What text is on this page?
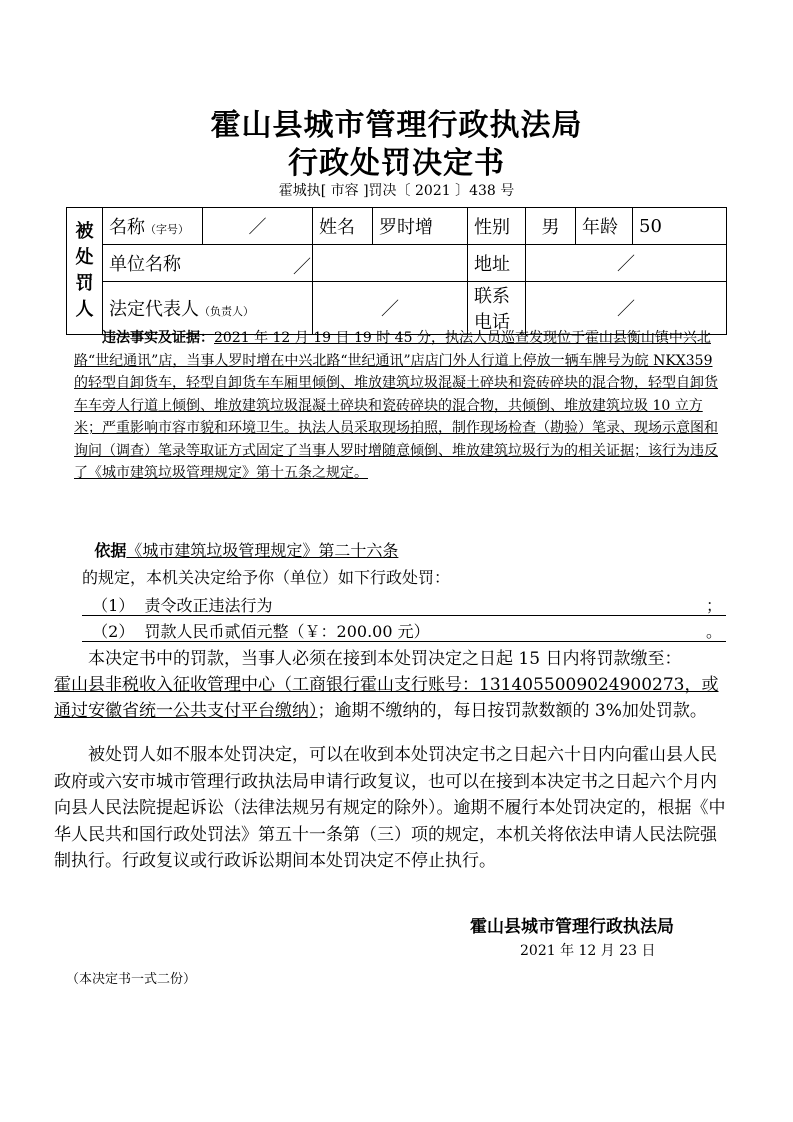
霍山县城市管理行政执法局
行政处罚决定书
霍城执[ 市容 ]罚决〔 2021 〕438 号
被处罚人	名称（字号）	／	姓名	罗时增	性别	男	年龄	50
	单位名称 ／				地址	／		
	法定代表人（负责人）		／		联系电话	／		
违法事实及证据：2021 年 12 月 19 日 19 时 45 分，执法人员巡查发现位于霍山县衡山镇中兴北路“世纪通讯”店，当事人罗时增在中兴北路“世纪通讯”店店门外人行道上停放一辆车牌号为皖 NKX359 的轻型自卸货车，轻型自卸货车车厢里倾倒、堆放建筑垃圾混凝土碎块和瓷砖碎块的混合物，轻型自卸货车车旁人行道上倾倒、堆放建筑垃圾混凝土碎块和瓷砖碎块的混合物，共倾倒、堆放建筑垃圾 10 立方米；严重影响市容市貌和环境卫生。执法人员采取现场拍照，制作现场检查（勘验）笔录、现场示意图和询问（调查）笔录等取证方式固定了当事人罗时增随意倾倒、堆放建筑垃圾行为的相关证据；该行为违反了《城市建筑垃圾管理规定》第十五条之规定。
依据《城市建筑垃圾管理规定》第二十六条
的规定，本机关决定给予你（单位）如下行政处罚：
（1） 责令改正违法行为	；
（2） 罚款人民币贰佰元整（￥：200.00 元）	。
本决定书中的罚款，当事人必须在接到本处罚决定之日起 15 日内将罚款缴至：
霍山县非税收入征收管理中心（工商银行霍山支行账号：1314055009024900273，或通过安徽省统一公共支付平台缴纳）；逾期不缴纳的，每日按罚款数额的 3%加处罚款。
被处罚人如不服本处罚决定，可以在收到本处罚决定书之日起六十日内向霍山县人民政府或六安市城市管理行政执法局申请行政复议，也可以在接到本决定书之日起六个月内向县人民法院提起诉讼（法律法规另有规定的除外）。逾期不履行本处罚决定的，根据《中华人民共和国行政处罚法》第五十一条第（三）项的规定，本机关将依法申请人民法院强制执行。行政复议或行政诉讼期间本处罚决定不停止执行。
霍山县城市管理行政执法局
2021 年 12 月 23 日
（本决定书一式二份）
